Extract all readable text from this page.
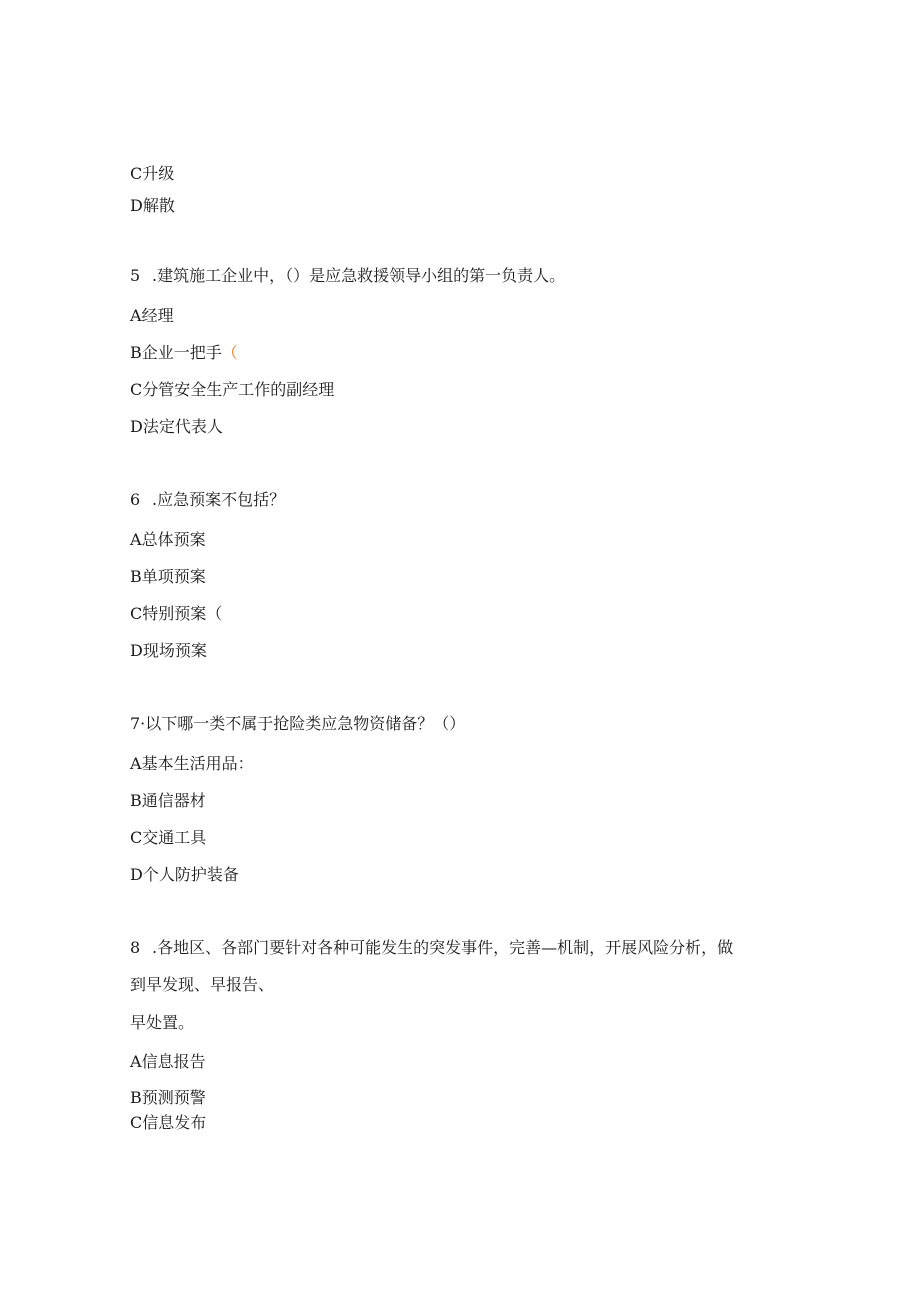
C升级
D解散
5 .建筑施工企业中，（）是应急救援领导小组的第一负责人。
A经理
B企业一把手（
C分管安全生产工作的副经理
D法定代表人
6 .应急预案不包括？
A总体预案
B单项预案
C特别预案（
D现场预案
7·以下哪一类不属于抢险类应急物资储备？（）
A基本生活用品：
B通信器材
C交通工具
D个人防护装备
8 .各地区、各部门要针对各种可能发生的突发事件，完善—机制，开展风险分析，做
到早发现、早报告、
早处置。
A信息报告
B预测预警
C信息发布
